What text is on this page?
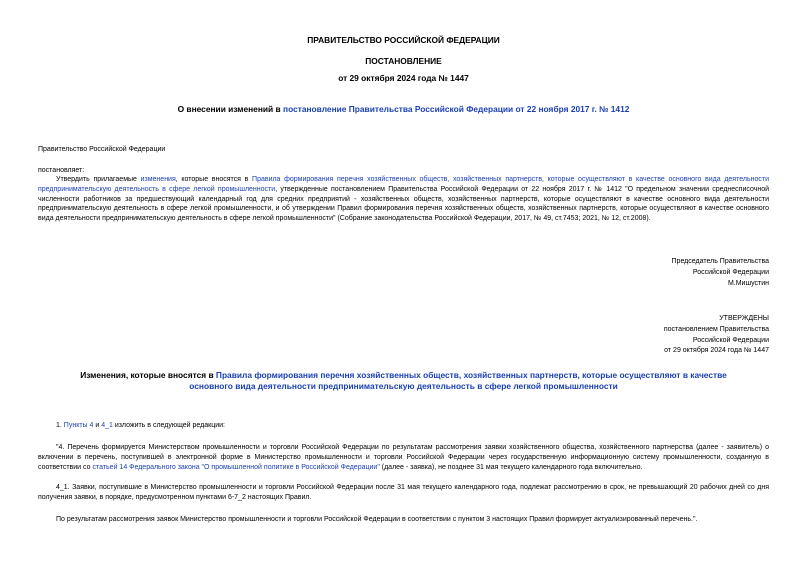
ПРАВИТЕЛЬСТВО РОССИЙСКОЙ ФЕДЕРАЦИИ
ПОСТАНОВЛЕНИЕ
от 29 октября 2024 года № 1447
О внесении изменений в постановление Правительства Российской Федерации от 22 ноября 2017 г. № 1412
Правительство Российской Федерации
постановляет:
Утвердить прилагаемые изменения, которые вносятся в Правила формирования перечня хозяйственных обществ, хозяйственных партнерств, которые осуществляют в качестве основного вида деятельности предпринимательскую деятельность в сфере легкой промышленности, утвержденные постановлением Правительства Российской Федерации от 22 ноября 2017 г. № 1412 "О предельном значении среднесписочной численности работников за предшествующий календарный год для средних предприятий - хозяйственных обществ, хозяйственных партнерств, которые осуществляют в качестве основного вида деятельности предпринимательскую деятельность в сфере легкой промышленности, и об утверждении Правил формирования перечня хозяйственных обществ, хозяйственных партнерств, которые осуществляют в качестве основного вида деятельности предпринимательскую деятельность в сфере легкой промышленности" (Собрание законодательства Российской Федерации, 2017, № 49, ст.7453; 2021, № 12, ст.2008).
Председатель Правительства
Российской Федерации
М.Мишустин
УТВЕРЖДЕНЫ
постановлением Правительства
Российской Федерации
от 29 октября 2024 года № 1447
Изменения, которые вносятся в Правила формирования перечня хозяйственных обществ, хозяйственных партнерств, которые осуществляют в качестве основного вида деятельности предпринимательскую деятельность в сфере легкой промышленности
1. Пункты 4 и 4_1 изложить в следующей редакции:
"4. Перечень формируется Министерством промышленности и торговли Российской Федерации по результатам рассмотрения заявки хозяйственного общества, хозяйственного партнерства (далее - заявитель) о включении в перечень, поступившей в электронной форме в Министерство промышленности и торговли Российской Федерации через государственную информационную систему промышленности, созданную в соответствии со статьей 14 Федерального закона "О промышленной политике в Российской Федерации" (далее - заявка), не позднее 31 мая текущего календарного года включительно.
4_1. Заявки, поступившие в Министерство промышленности и торговли Российской Федерации после 31 мая текущего календарного года, подлежат рассмотрению в срок, не превышающий 20 рабочих дней со дня получения заявки, в порядке, предусмотренном пунктами 6-7_2 настоящих Правил.
По результатам рассмотрения заявок Министерство промышленности и торговли Российской Федерации в соответствии с пунктом 3 настоящих Правил формирует актуализированный перечень.".
